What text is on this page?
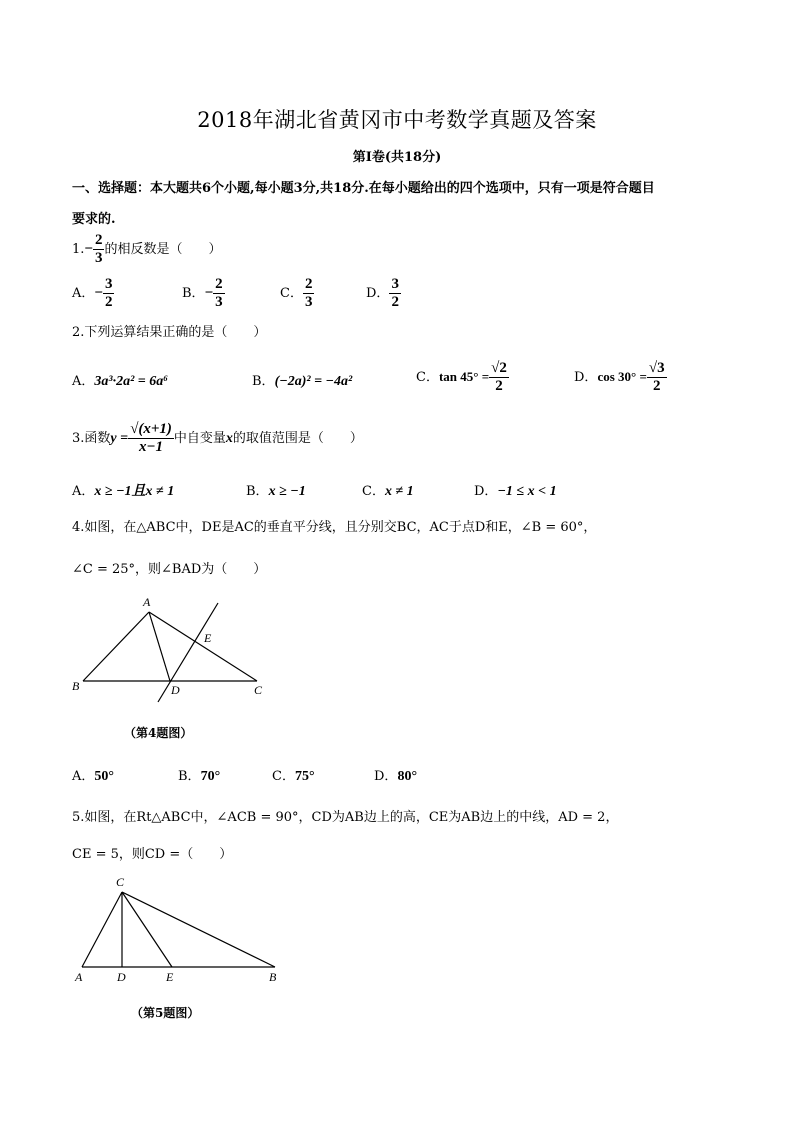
2018年湖北省黄冈市中考数学真题及答案
第Ⅰ卷(共18分)
一、选择题：本大题共6个小题,每小题3分,共18分.在每小题给出的四个选项中，只有一项是符合题目
要求的.
$1.- \frac{2}{3}$ 的相反数是（　　）
A．− $\frac{3}{2}$	B．− $\frac{2}{3}$	C． $\frac{2}{3}$	D． $\frac{3}{2}$
2.下列运算结果正确的是（　　）
A．3a³·2a² = 6a⁶	B．(−2a)² = −4a²	C．$\tan 45^\circ = \frac{√2}{2}$	D．$\cos 30^\circ = \frac{√3}{2}$
3.函数$y = \frac{√(x+1)}{x-1}$ 中自变量x的取值范围是（　　）
A．x ≥ −1且x ≠ 1	B．x ≥ −1	C．x ≠ 1	D．−1 ≤ x < 1
4.如图，在△ABC中，DE是AC的垂直平分线，且分别交BC，AC于点D和E，∠B = 60°，
∠C = 25°，则∠BAD为（　　）
A
B	C
D
E
（第4题图）
A．50°	B．70°	C．75°	D．80°
5.如图，在Rt△ABC中，∠ACB = 90°，CD为AB边上的高，CE为AB边上的中线，AD = 2，
CE = 5，则CD =（　　）
C
A	D	E	B
（第5题图）
